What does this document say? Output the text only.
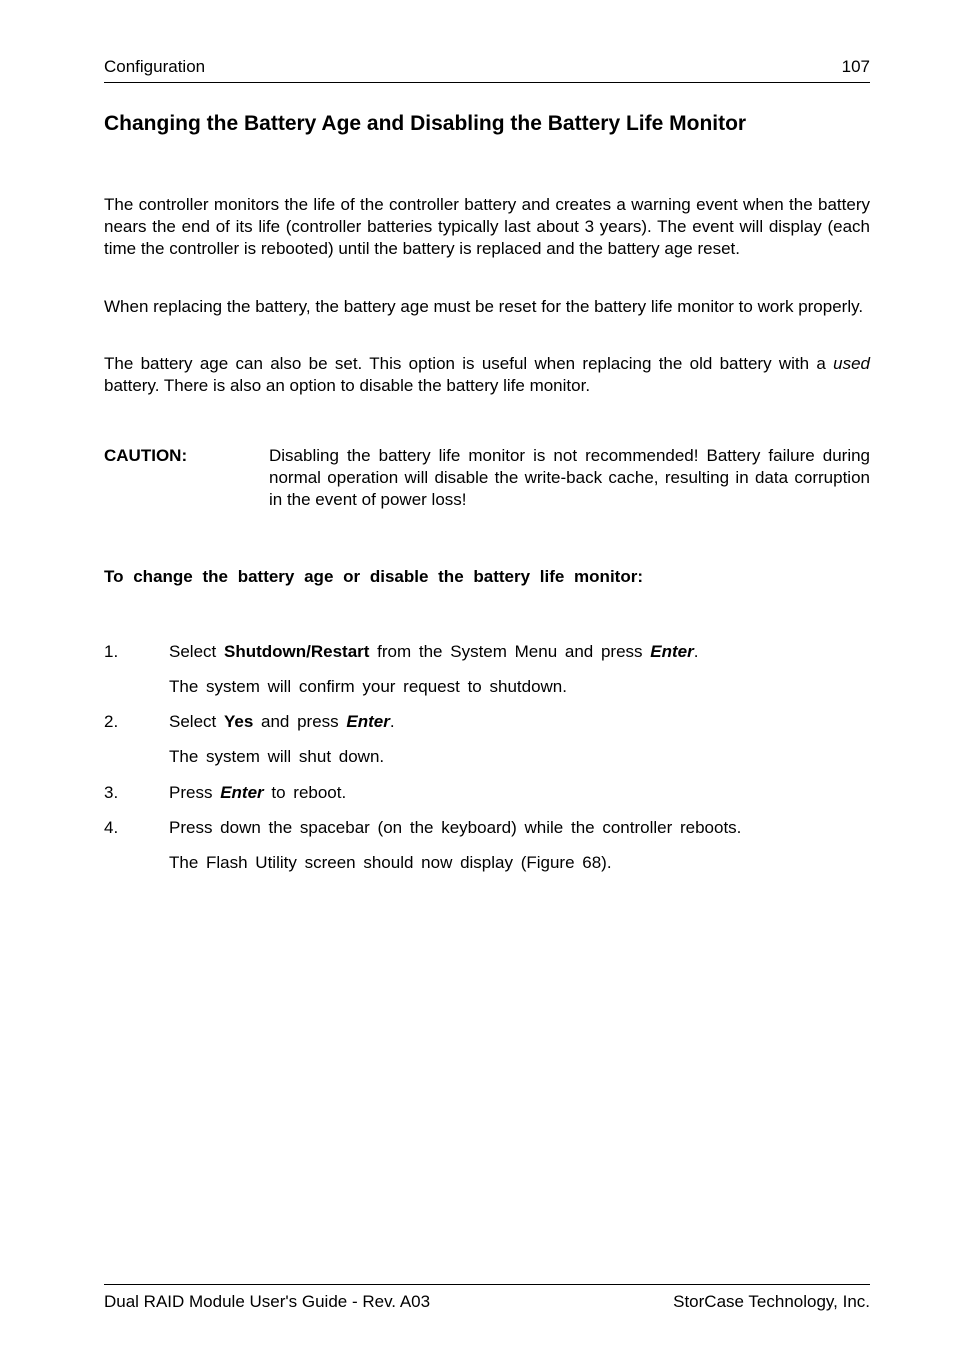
Configuration	107
Changing the Battery Age and Disabling the Battery Life Monitor

The controller monitors the life of the controller battery and creates a warning event when the battery nears the end of its life (controller batteries typically last about 3 years). The event will display (each time the controller is rebooted) until the battery is replaced and the battery age reset.

When replacing the battery, the battery age must be reset for the battery life monitor to work properly.

The battery age can also be set. This option is useful when replacing the old battery with a used battery. There is also an option to disable the battery life monitor.

CAUTION:	Disabling the battery life monitor is not recommended! Battery failure during normal operation will disable the write-back cache, resulting in data corruption in the event of power loss!

To change the battery age or disable the battery life monitor:

1.	Select Shutdown/Restart from the System Menu and press Enter.
The system will confirm your request to shutdown.
2.	Select Yes and press Enter.
The system will shut down.
3.	Press Enter to reboot.
4.	Press down the spacebar (on the keyboard) while the controller reboots.
The Flash Utility screen should now display (Figure 68).
Dual RAID Module User's Guide - Rev. A03	StorCase Technology, Inc.
